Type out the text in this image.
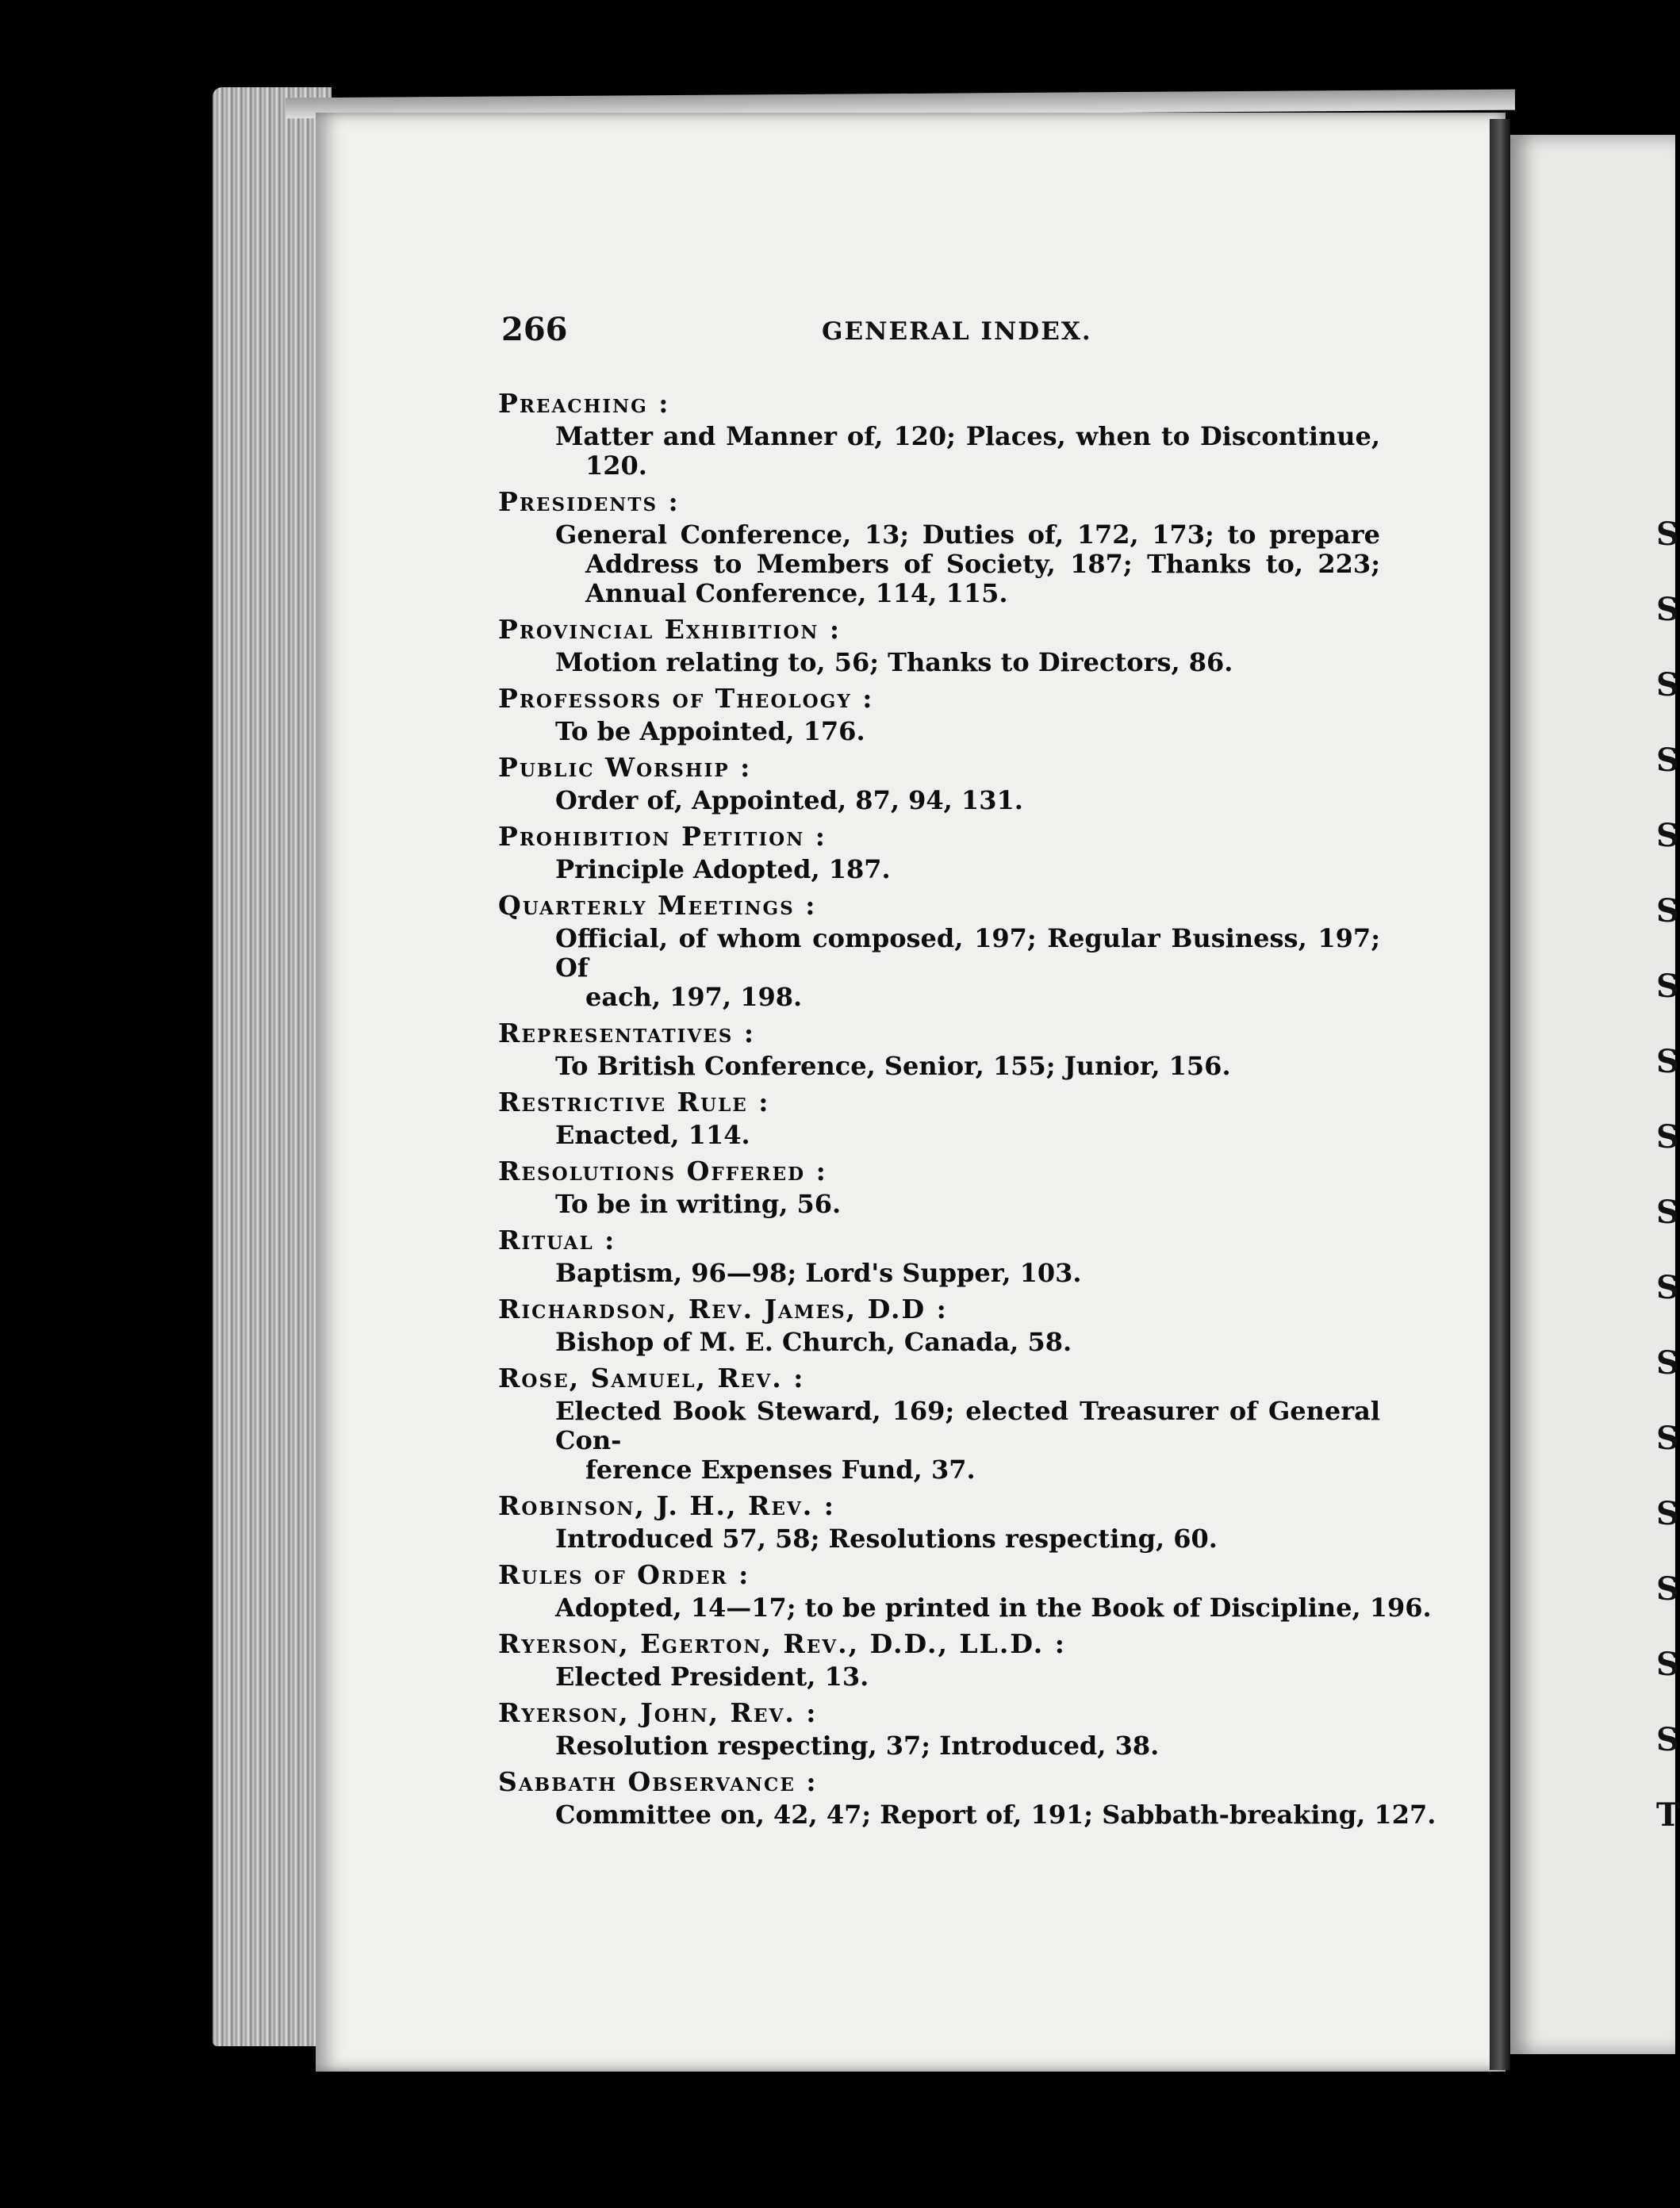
S
S
S
S
S
S
S
S
S
S
S
S
S
S
S
S
S
T
266	GENERAL INDEX.
Preaching :
Matter and Manner of, 120; Places, when to Discontinue,
120.
Presidents :
General Conference, 13; Duties of, 172, 173; to prepare
Address to Members of Society, 187; Thanks to, 223;
Annual Conference, 114, 115.
Provincial Exhibition :
Motion relating to, 56; Thanks to Directors, 86.
Professors of Theology :
To be Appointed, 176.
Public Worship :
Order of, Appointed, 87, 94, 131.
Prohibition Petition :
Principle Adopted, 187.
Quarterly Meetings :
Official, of whom composed, 197; Regular Business, 197; Of
each, 197, 198.
Representatives :
To British Conference, Senior, 155; Junior, 156.
Restrictive Rule :
Enacted, 114.
Resolutions Offered :
To be in writing, 56.
Ritual :
Baptism, 96—98; Lord's Supper, 103.
Richardson, Rev. James, D.D :
Bishop of M. E. Church, Canada, 58.
Rose, Samuel, Rev. :
Elected Book Steward, 169; elected Treasurer of General Con-
ference Expenses Fund, 37.
Robinson, J. H., Rev. :
Introduced 57, 58; Resolutions respecting, 60.
Rules of Order :
Adopted, 14—17; to be printed in the Book of Discipline, 196.
Ryerson, Egerton, Rev., D.D., LL.D. :
Elected President, 13.
Ryerson, John, Rev. :
Resolution respecting, 37; Introduced, 38.
Sabbath Observance :
Committee on, 42, 47; Report of, 191; Sabbath-breaking, 127.
